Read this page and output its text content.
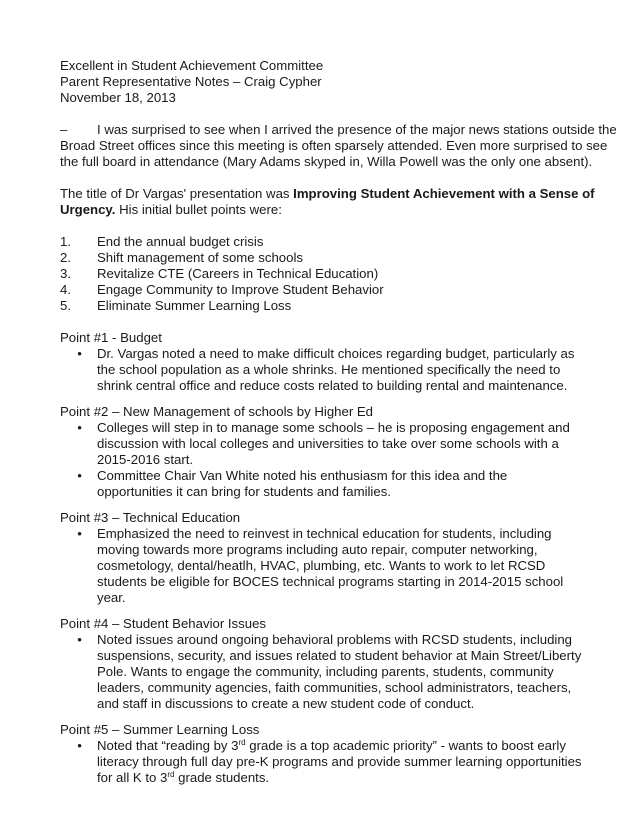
Excellent in Student Achievement Committee
Parent Representative Notes – Craig Cypher
November 18, 2013

– I was surprised to see when I arrived the presence of the major news stations outside the Broad Street offices since this meeting is often sparsely attended. Even more surprised to see the full board in attendance (Mary Adams skyped in, Willa Powell was the only one absent).

The title of Dr Vargas' presentation was Improving Student Achievement with a Sense of Urgency. His initial bullet points were:

1.	End the annual budget crisis
2.	Shift management of some schools
3.	Revitalize CTE (Careers in Technical Education)
4.	Engage Community to Improve Student Behavior
5.	Eliminate Summer Learning Loss

Point #1 - Budget

•	Dr. Vargas noted a need to make difficult choices regarding budget, particularly as the school population as a whole shrinks. He mentioned specifically the need to shrink central office and reduce costs related to building rental and maintenance.

Point #2 – New Management of schools by Higher Ed

•	Colleges will step in to manage some schools – he is proposing engagement and discussion with local colleges and universities to take over some schools with a 2015-2016 start.
•	Committee Chair Van White noted his enthusiasm for this idea and the opportunities it can bring for students and families.

Point #3 – Technical Education

•	Emphasized the need to reinvest in technical education for students, including moving towards more programs including auto repair, computer networking, cosmetology, dental/heatlh, HVAC, plumbing, etc. Wants to work to let RCSD students be eligible for BOCES technical programs starting in 2014-2015 school year.

Point #4 – Student Behavior Issues

•	Noted issues around ongoing behavioral problems with RCSD students, including suspensions, security, and issues related to student behavior at Main Street/Liberty Pole. Wants to engage the community, including parents, students, community leaders, community agencies, faith communities, school administrators, teachers, and staff in discussions to create a new student code of conduct.

Point #5 – Summer Learning Loss

•	Noted that “reading by 3rd grade is a top academic priority” - wants to boost early literacy through full day pre-K programs and provide summer learning opportunities for all K to 3rd grade students.
